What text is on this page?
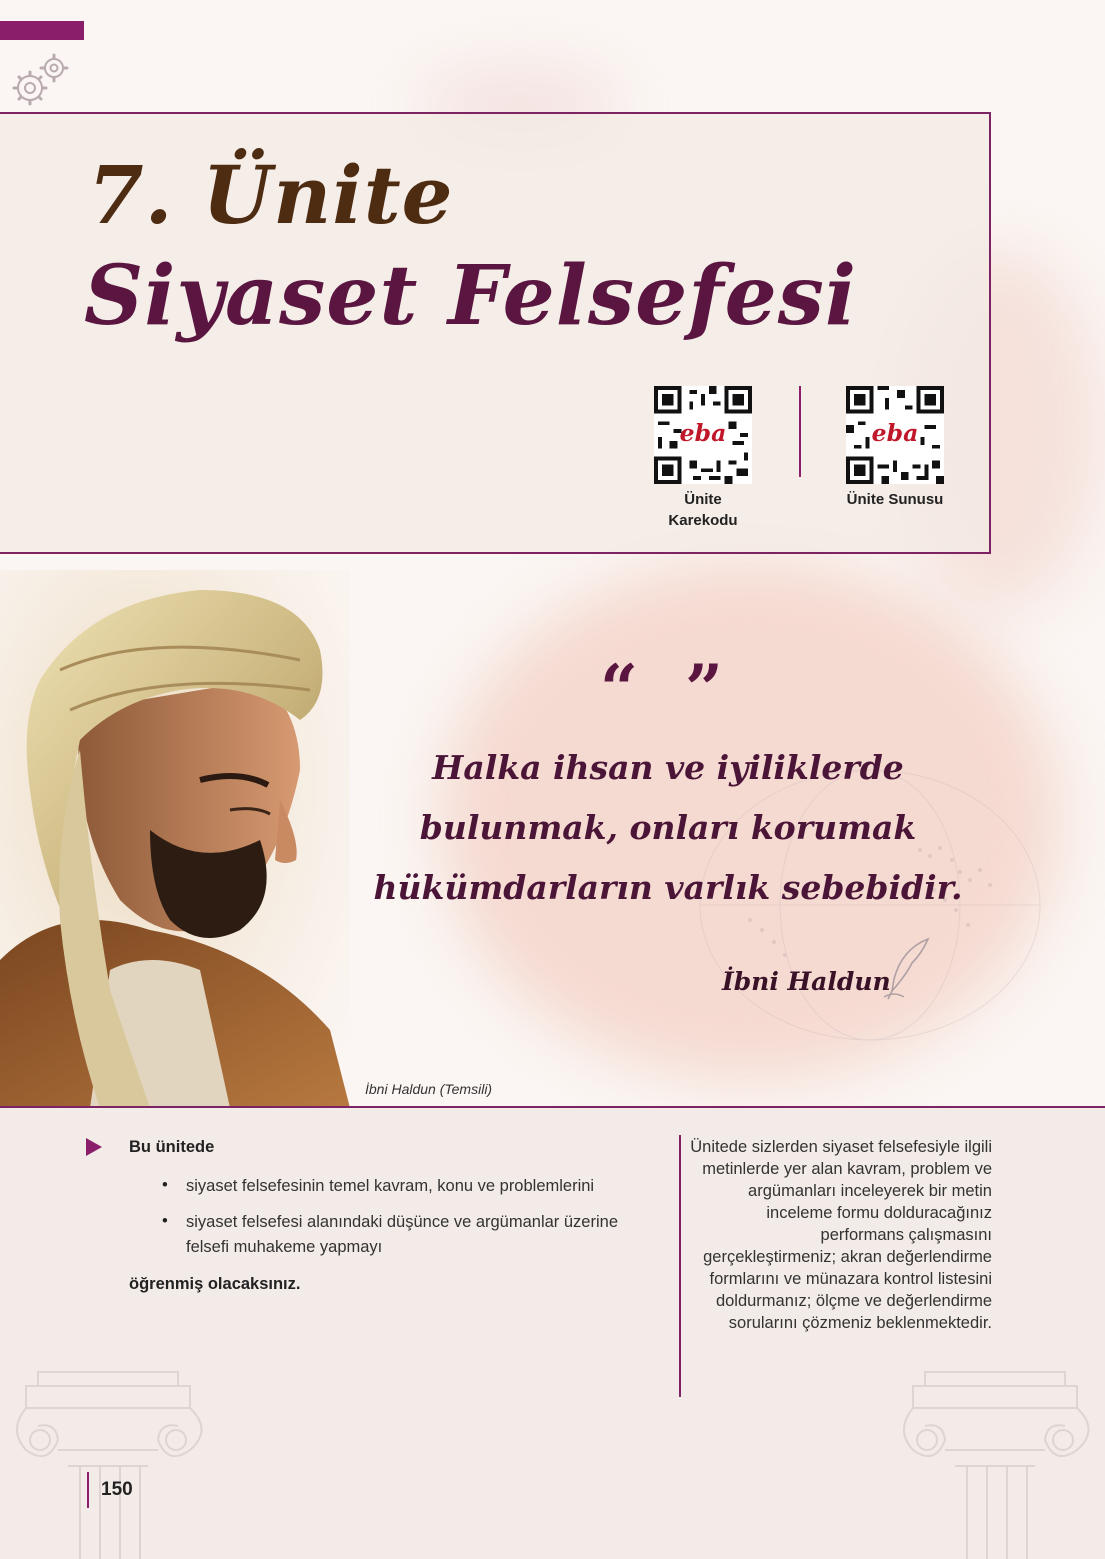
7. Ünite
Siyaset Felsefesi
eba
Ünite
Karekodu
eba
Ünite Sunusu
İbni Haldun (Temsili)
“ ”
Halka ihsan ve iyiliklerde
bulunmak, onları korumak
hükümdarların varlık sebebidir.
İbni Haldun
Bu ünitede
• siyaset felsefesinin temel kavram, konu ve problemlerini
• siyaset felsefesi alanındaki düşünce ve argümanlar üzerine felsefi muhakeme yapmayı
öğrenmiş olacaksınız.
Ünitede sizlerden siyaset felsefesiyle ilgili metinlerde yer alan kavram, problem ve argümanları inceleyerek bir metin inceleme formu dolduracağınız performans çalışmasını gerçekleştirmeniz; akran değerlendirme formlarını ve münazara kontrol listesini doldurmanız; ölçme ve değerlendirme sorularını çözmeniz beklenmektedir.
150
